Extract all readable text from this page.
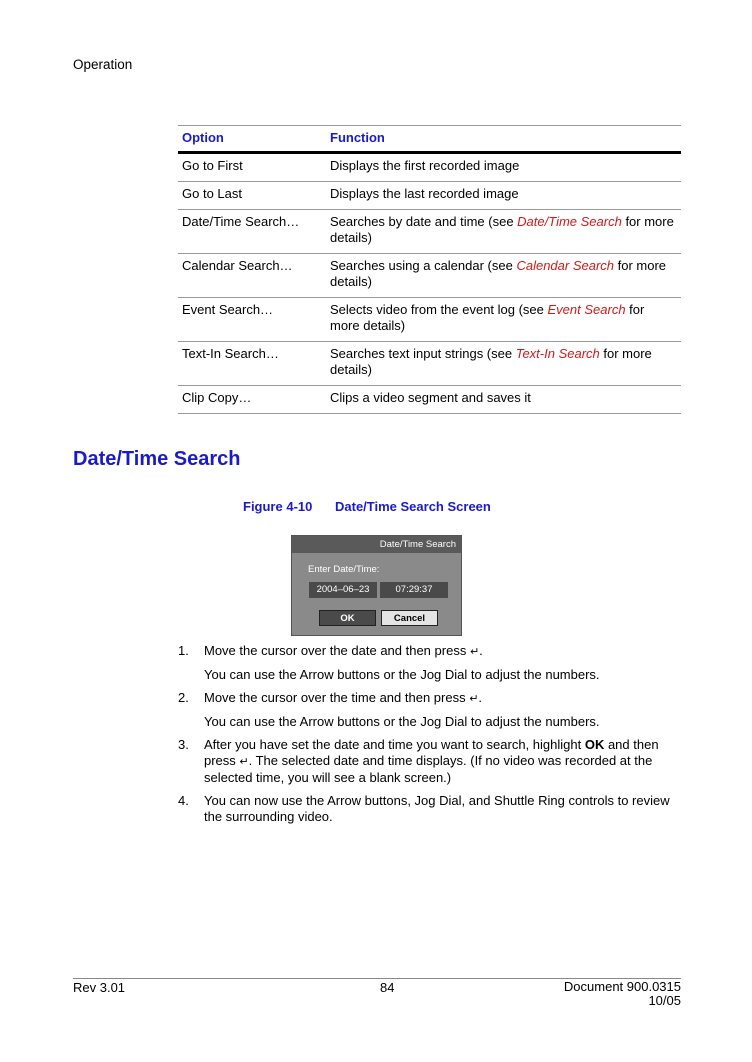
Operation
Option	Function
Go to First	Displays the first recorded image
Go to Last	Displays the last recorded image
Date/Time Search…	Searches by date and time (see Date/Time Search for more details)
Calendar Search…	Searches using a calendar (see Calendar Search for more details)
Event Search…	Selects video from the event log (see Event Search for more details)
Text-In Search…	Searches text input strings (see Text-In Search for more details)
Clip Copy…	Clips a video segment and saves it
Date/Time Search
Figure 4-10 Date/Time Search Screen
Date/Time Search
Enter Date/Time:
2004–06–23	07:29:37
OK	Cancel
1. Move the cursor over the date and then press ↵.

You can use the Arrow buttons or the Jog Dial to adjust the numbers.

2. Move the cursor over the time and then press ↵.

You can use the Arrow buttons or the Jog Dial to adjust the numbers.

3. After you have set the date and time you want to search, highlight OK and then press ↵. The selected date and time displays. (If no video was recorded at the selected time, you will see a blank screen.)

4. You can now use the Arrow buttons, Jog Dial, and Shuttle Ring controls to review the surrounding video.

Rev 3.01	84	Document 900.0315
10/05
